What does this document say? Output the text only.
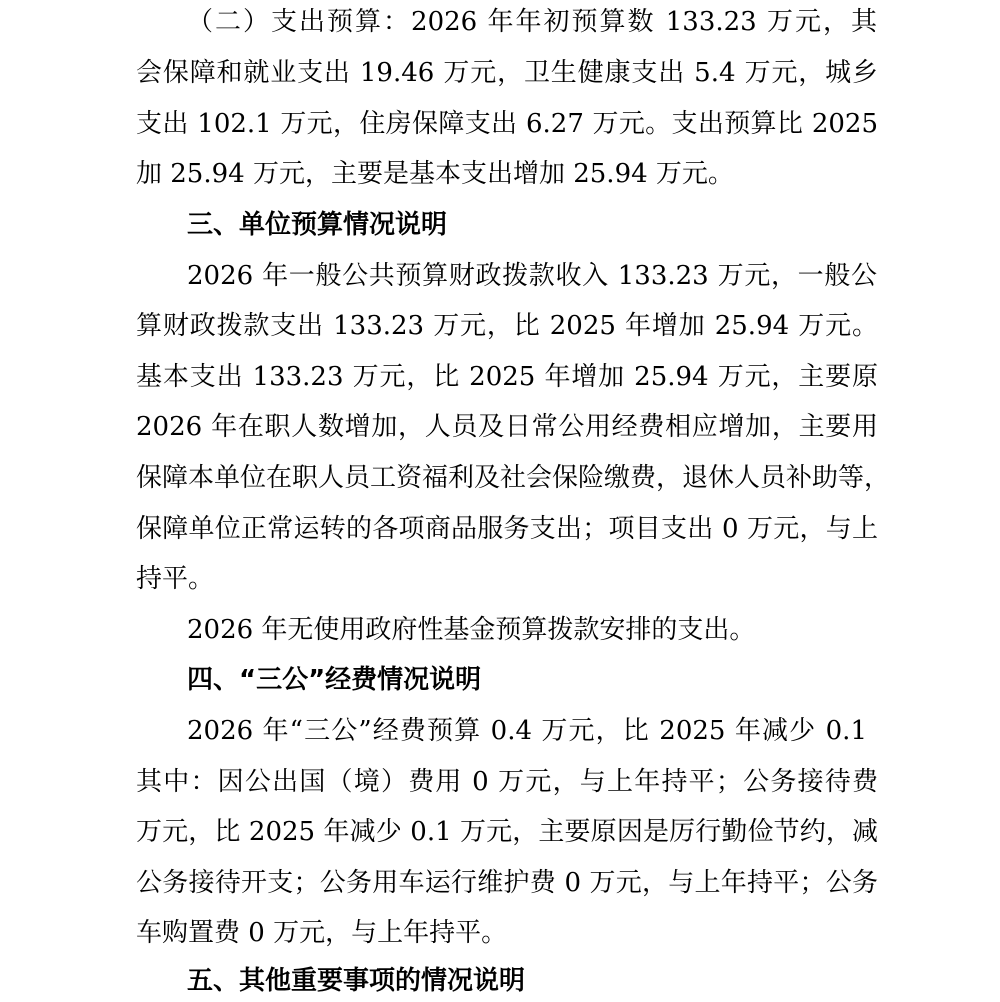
（二）支出预算：2026 年年初预算数 133.23 万元，其
会保障和就业支出 19.46 万元，卫生健康支出 5.4 万元，城乡
支出 102.1 万元，住房保障支出 6.27 万元。支出预算比 2025
加 25.94 万元，主要是基本支出增加 25.94 万元。
三、单位预算情况说明
2026 年一般公共预算财政拨款收入 133.23 万元，一般公
算财政拨款支出 133.23 万元，比 2025 年增加 25.94 万元。
基本支出 133.23 万元，比 2025 年增加 25.94 万元，主要原
2026 年在职人数增加，人员及日常公用经费相应增加，主要用
保障本单位在职人员工资福利及社会保险缴费，退休人员补助等，
保障单位正常运转的各项商品服务支出；项目支出 0 万元，与上
持平。
2026 年无使用政府性基金预算拨款安排的支出。
四、“三公”经费情况说明
2026 年“三公”经费预算 0.4 万元，比 2025 年减少 0.1
其中：因公出国（境）费用 0 万元，与上年持平；公务接待费
万元，比 2025 年减少 0.1 万元，主要原因是厉行勤俭节约，减
公务接待开支；公务用车运行维护费 0 万元，与上年持平；公务
车购置费 0 万元，与上年持平。
五、其他重要事项的情况说明
